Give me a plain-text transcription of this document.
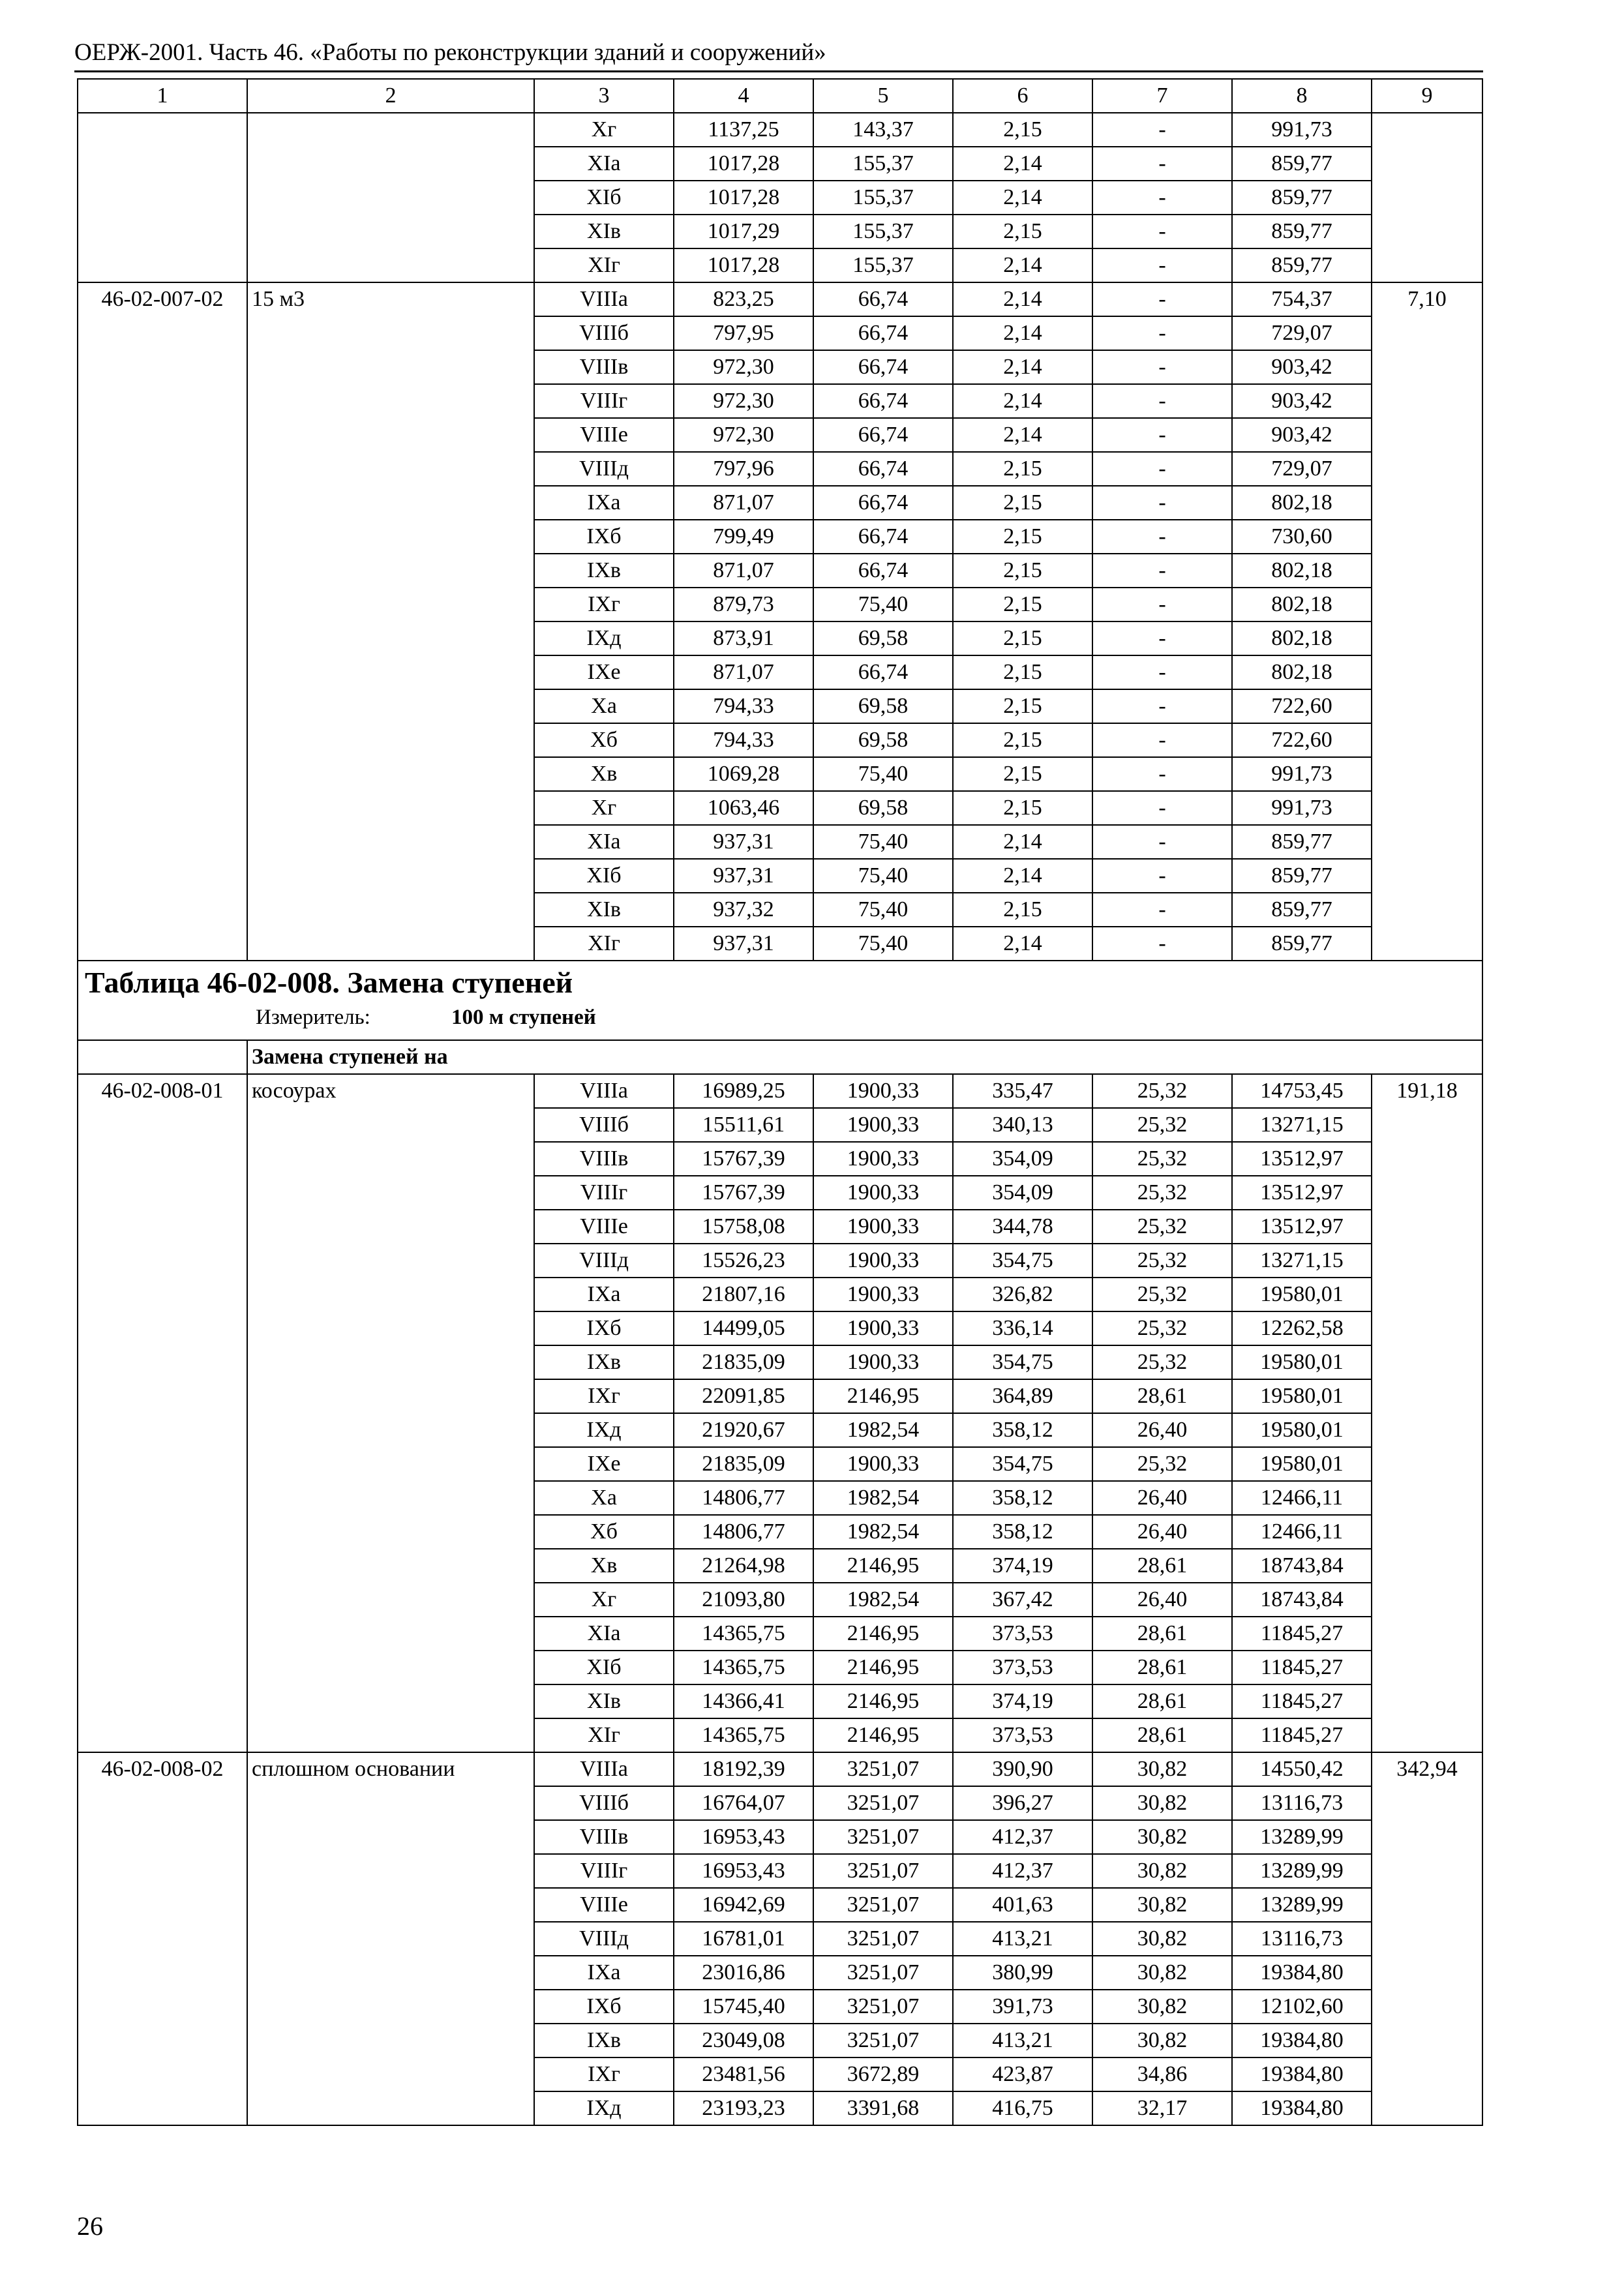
ОЕРЖ-2001. Часть 46. «Работы по реконструкции зданий и сооружений»
1	2	3	4	5	6	7	8	9
		Xг	1137,25	143,37	2,15	-	991,73	
		XIа	1017,28	155,37	2,14	-	859,77	
		XIб	1017,28	155,37	2,14	-	859,77	
		XIв	1017,29	155,37	2,15	-	859,77	
		XIг	1017,28	155,37	2,14	-	859,77	
46-02-007-02	15 м3	VIIIа	823,25	66,74	2,14	-	754,37	7,10
		VIIIб	797,95	66,74	2,14	-	729,07	
		VIIIв	972,30	66,74	2,14	-	903,42	
		VIIIг	972,30	66,74	2,14	-	903,42	
		VIIIе	972,30	66,74	2,14	-	903,42	
		VIIIд	797,96	66,74	2,15	-	729,07	
		IXа	871,07	66,74	2,15	-	802,18	
		IXб	799,49	66,74	2,15	-	730,60	
		IXв	871,07	66,74	2,15	-	802,18	
		IXг	879,73	75,40	2,15	-	802,18	
		IXд	873,91	69,58	2,15	-	802,18	
		IXе	871,07	66,74	2,15	-	802,18	
		Xа	794,33	69,58	2,15	-	722,60	
		Xб	794,33	69,58	2,15	-	722,60	
		Xв	1069,28	75,40	2,15	-	991,73	
		Xг	1063,46	69,58	2,15	-	991,73	
		XIа	937,31	75,40	2,14	-	859,77	
		XIб	937,31	75,40	2,14	-	859,77	
		XIв	937,32	75,40	2,15	-	859,77	
		XIг	937,31	75,40	2,14	-	859,77	

Таблица 46-02-008. Замена ступеней
Измеритель: 100 м ступеней								

	Замена ступеней на							
46-02-008-01	косоурах	VIIIа	16989,25	1900,33	335,47	25,32	14753,45	191,18
		VIIIб	15511,61	1900,33	340,13	25,32	13271,15	
		VIIIв	15767,39	1900,33	354,09	25,32	13512,97	
		VIIIг	15767,39	1900,33	354,09	25,32	13512,97	
		VIIIе	15758,08	1900,33	344,78	25,32	13512,97	
		VIIIд	15526,23	1900,33	354,75	25,32	13271,15	
		IXа	21807,16	1900,33	326,82	25,32	19580,01	
		IXб	14499,05	1900,33	336,14	25,32	12262,58	
		IXв	21835,09	1900,33	354,75	25,32	19580,01	
		IXг	22091,85	2146,95	364,89	28,61	19580,01	
		IXд	21920,67	1982,54	358,12	26,40	19580,01	
		IXе	21835,09	1900,33	354,75	25,32	19580,01	
		Xа	14806,77	1982,54	358,12	26,40	12466,11	
		Xб	14806,77	1982,54	358,12	26,40	12466,11	
		Xв	21264,98	2146,95	374,19	28,61	18743,84	
		Xг	21093,80	1982,54	367,42	26,40	18743,84	
		XIа	14365,75	2146,95	373,53	28,61	11845,27	
		XIб	14365,75	2146,95	373,53	28,61	11845,27	
		XIв	14366,41	2146,95	374,19	28,61	11845,27	
		XIг	14365,75	2146,95	373,53	28,61	11845,27	
46-02-008-02	сплошном основании	VIIIа	18192,39	3251,07	390,90	30,82	14550,42	342,94
		VIIIб	16764,07	3251,07	396,27	30,82	13116,73	
		VIIIв	16953,43	3251,07	412,37	30,82	13289,99	
		VIIIг	16953,43	3251,07	412,37	30,82	13289,99	
		VIIIе	16942,69	3251,07	401,63	30,82	13289,99	
		VIIIд	16781,01	3251,07	413,21	30,82	13116,73	
		IXа	23016,86	3251,07	380,99	30,82	19384,80	
		IXб	15745,40	3251,07	391,73	30,82	12102,60	
		IXв	23049,08	3251,07	413,21	30,82	19384,80	
		IXг	23481,56	3672,89	423,87	34,86	19384,80	
		IXд	23193,23	3391,68	416,75	32,17	19384,80	
26
